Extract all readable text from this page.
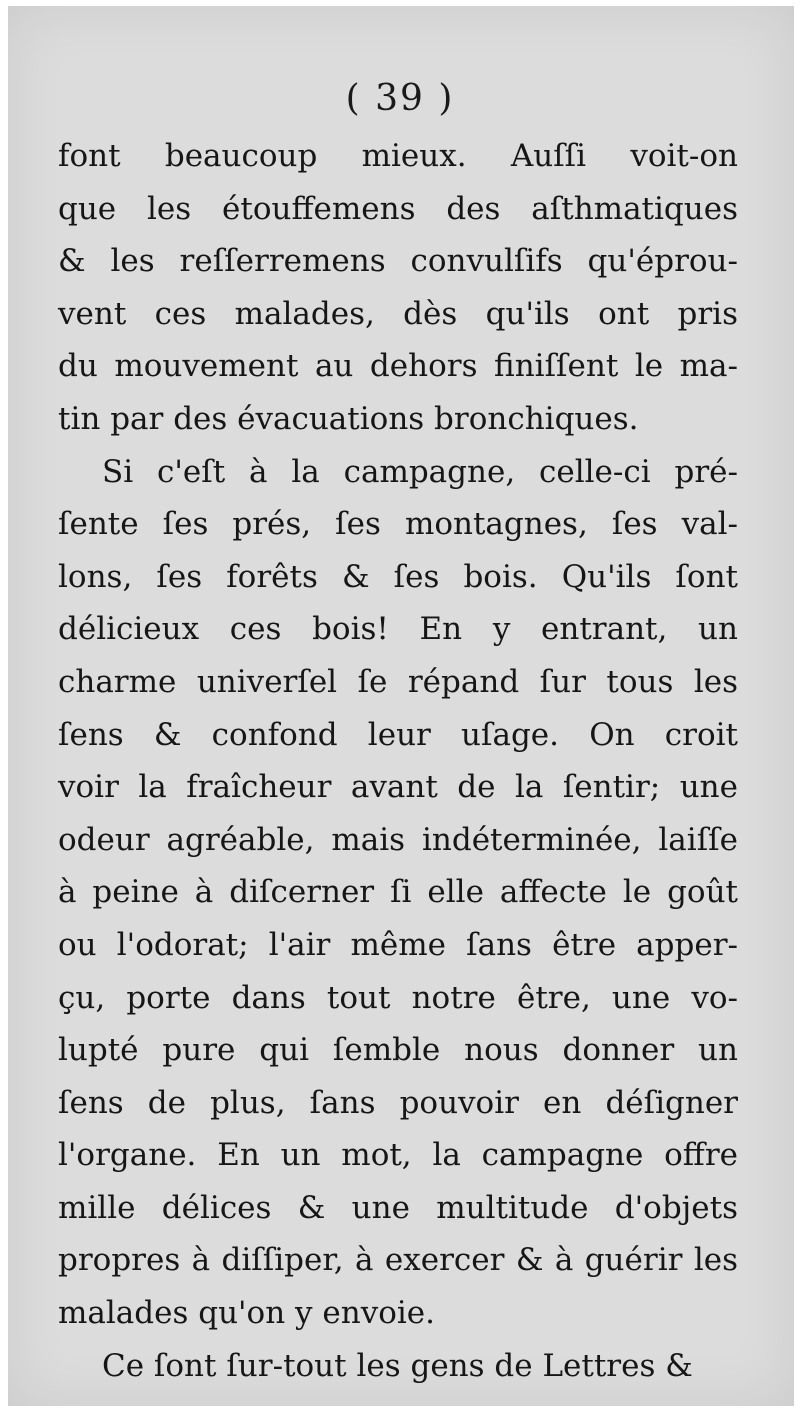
( 39 )
font beaucoup mieux. Auſſi voit-on
que les étouffemens des aſthmatiques
& les reſſerremens convulſifs qu'éprou-
vent ces malades, dès qu'ils ont pris
du mouvement au dehors finiſſent le ma-
tin par des évacuations bronchiques.
Si c'eſt à la campagne, celle-ci pré-
ſente ſes prés, ſes montagnes, ſes val-
lons, ſes forêts & ſes bois. Qu'ils ſont
délicieux ces bois! En y entrant, un
charme univerſel ſe répand ſur tous les
ſens & confond leur uſage. On croit
voir la fraîcheur avant de la ſentir; une
odeur agréable, mais indéterminée, laiſſe
à peine à diſcerner ſi elle affecte le goût
ou l'odorat; l'air même ſans être apper-
çu, porte dans tout notre être, une vo-
lupté pure qui ſemble nous donner un
ſens de plus, ſans pouvoir en déſigner
l'organe. En un mot, la campagne offre
mille délices & une multitude d'objets
propres à diſſiper, à exercer & à guérir les
malades qu'on y envoie.
Ce ſont ſur-tout les gens de Lettres &
